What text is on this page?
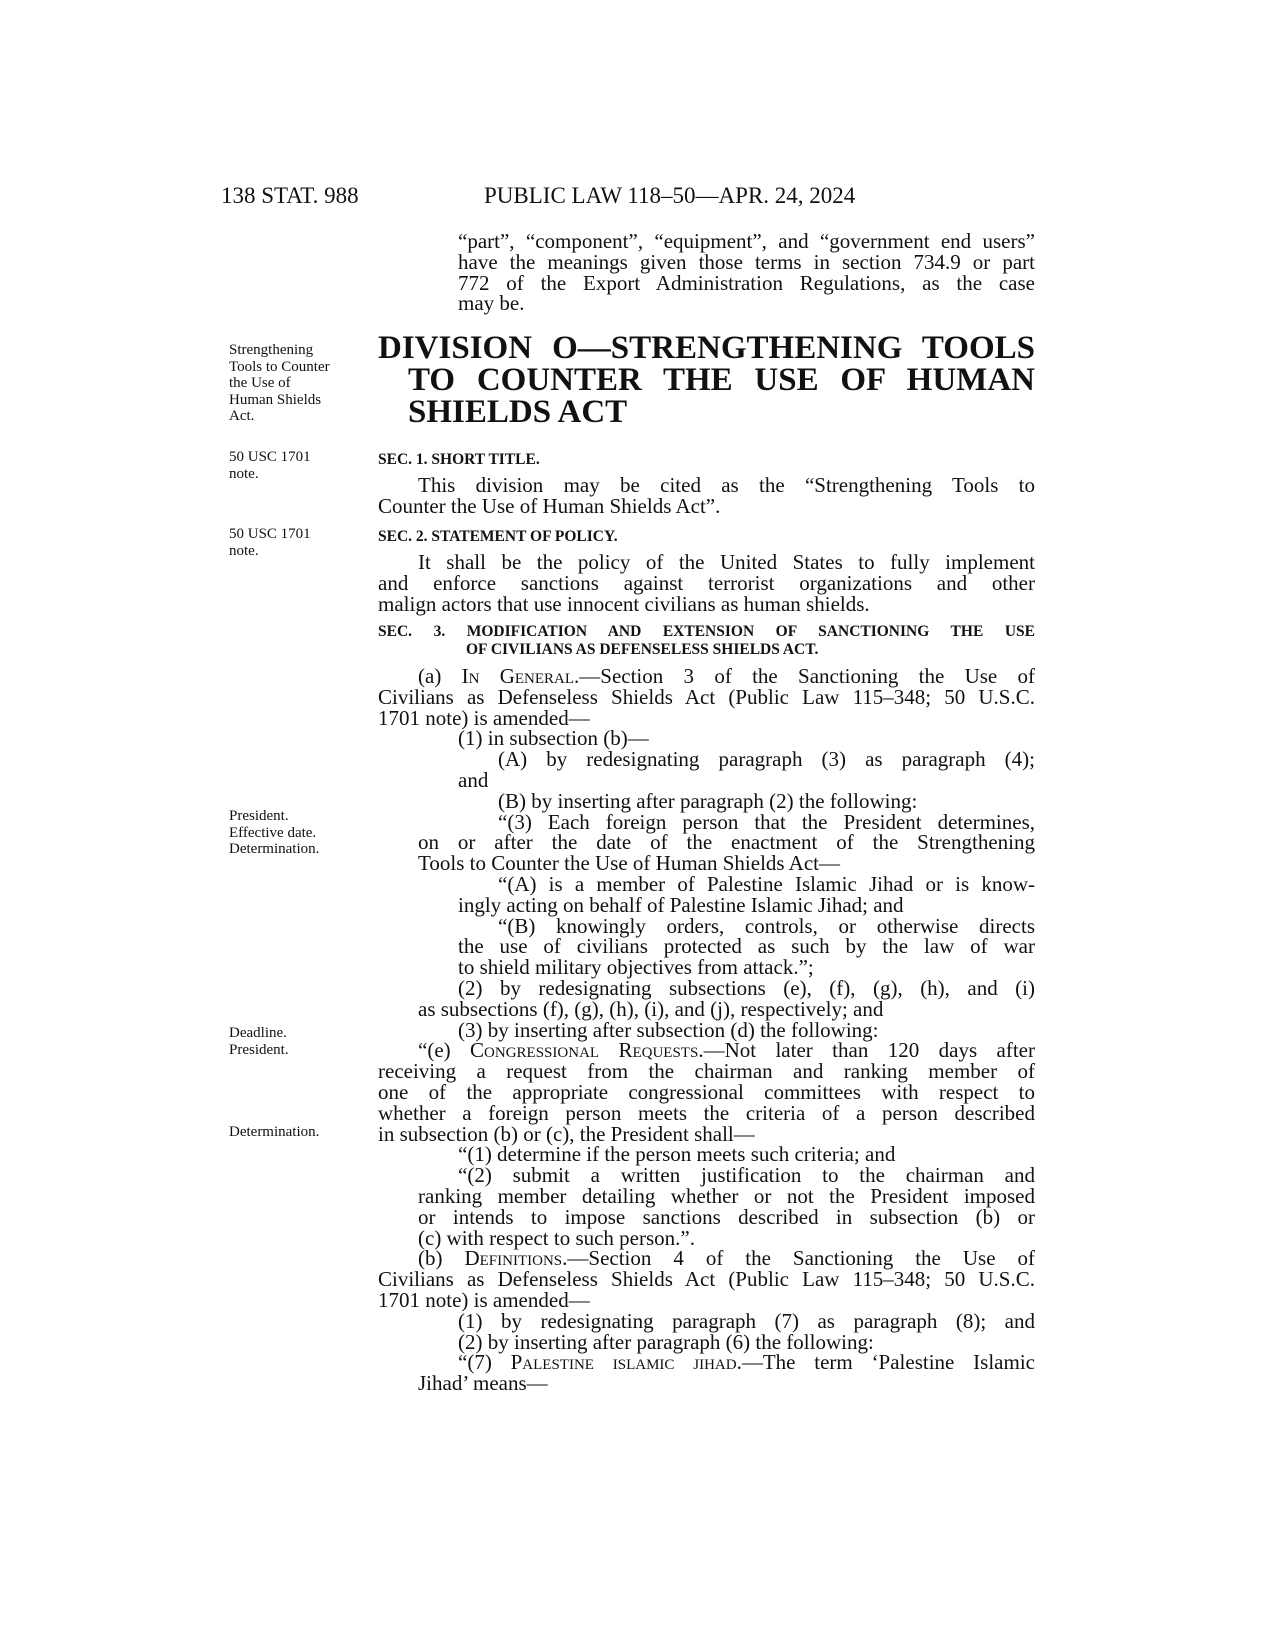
138 STAT. 988	PUBLIC LAW 118–50—APR. 24, 2024
“part”, “component”, “equipment”, and “government end users”
have the meanings given those terms in section 734.9 or part
772 of the Export Administration Regulations, as the case
may be.
Strengthening
Tools to Counter
the Use of
Human Shields
Act.
DIVISION O—STRENGTHENING TOOLS
TO COUNTER THE USE OF HUMAN
SHIELDS ACT
50 USC 1701
note.
SEC. 1. SHORT TITLE.
This division may be cited as the “Strengthening Tools to
Counter the Use of Human Shields Act”.
50 USC 1701
note.
SEC. 2. STATEMENT OF POLICY.
It shall be the policy of the United States to fully implement
and enforce sanctions against terrorist organizations and other
malign actors that use innocent civilians as human shields.
SEC. 3. MODIFICATION AND EXTENSION OF SANCTIONING THE USE
OF CIVILIANS AS DEFENSELESS SHIELDS ACT.
President.
Effective date.
Determination.
Deadline.
President.
Determination.
(a) In General.—Section 3 of the Sanctioning the Use of
Civilians as Defenseless Shields Act (Public Law 115–348; 50 U.S.C.
1701 note) is amended—
(1) in subsection (b)—
(A) by redesignating paragraph (3) as paragraph (4);
and
(B) by inserting after paragraph (2) the following:
“(3) Each foreign person that the President determines,
on or after the date of the enactment of the Strengthening
Tools to Counter the Use of Human Shields Act—
“(A) is a member of Palestine Islamic Jihad or is know-
ingly acting on behalf of Palestine Islamic Jihad; and
“(B) knowingly orders, controls, or otherwise directs
the use of civilians protected as such by the law of war
to shield military objectives from attack.”;
(2) by redesignating subsections (e), (f), (g), (h), and (i)
as subsections (f), (g), (h), (i), and (j), respectively; and
(3) by inserting after subsection (d) the following:
“(e) Congressional Requests.—Not later than 120 days after
receiving a request from the chairman and ranking member of
one of the appropriate congressional committees with respect to
whether a foreign person meets the criteria of a person described
in subsection (b) or (c), the President shall—
“(1) determine if the person meets such criteria; and
“(2) submit a written justification to the chairman and
ranking member detailing whether or not the President imposed
or intends to impose sanctions described in subsection (b) or
(c) with respect to such person.”.
(b) Definitions.—Section 4 of the Sanctioning the Use of
Civilians as Defenseless Shields Act (Public Law 115–348; 50 U.S.C.
1701 note) is amended—
(1) by redesignating paragraph (7) as paragraph (8); and
(2) by inserting after paragraph (6) the following:
“(7) Palestine islamic jihad.—The term ‘Palestine Islamic
Jihad’ means—
